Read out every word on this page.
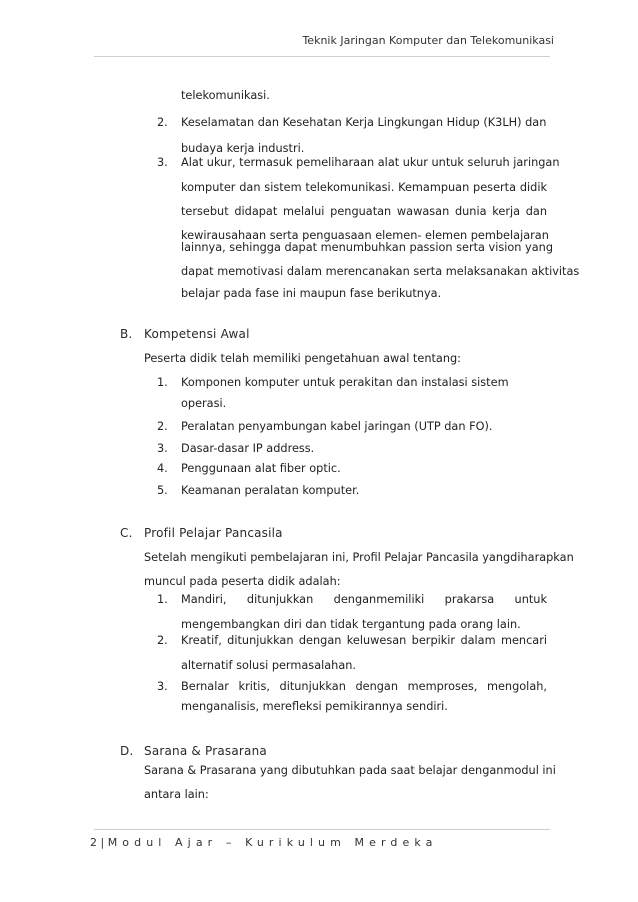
Teknik Jaringan Komputer dan Telekomunikasi
telekomunikasi.
2. Keselamatan dan Kesehatan Kerja Lingkungan Hidup (K3LH) dan
budaya kerja industri.
3. Alat ukur, termasuk pemeliharaan alat ukur untuk seluruh jaringan
komputer dan sistem telekomunikasi. Kemampuan peserta didik
tersebut didapat melalui penguatan wawasan dunia kerja dan
kewirausahaan serta penguasaan elemen- elemen pembelajaran
lainnya, sehingga dapat menumbuhkan passion serta vision yang
dapat memotivasi dalam merencanakan serta melaksanakan aktivitas
belajar pada fase ini maupun fase berikutnya.
B. Kompetensi Awal
Peserta didik telah memiliki pengetahuan awal tentang:
1. Komponen komputer untuk perakitan dan instalasi sistem
operasi.
2. Peralatan penyambungan kabel jaringan (UTP dan FO).
3. Dasar-dasar IP address.
4. Penggunaan alat fiber optic.
5. Keamanan peralatan komputer.
C. Profil Pelajar Pancasila
Setelah mengikuti pembelajaran ini, Profil Pelajar Pancasila yangdiharapkan
muncul pada peserta didik adalah:
1. Mandiri, ditunjukkan denganmemiliki prakarsa untuk
mengembangkan diri dan tidak tergantung pada orang lain.
2. Kreatif, ditunjukkan dengan keluwesan berpikir dalam mencari
alternatif solusi permasalahan.
3. Bernalar kritis, ditunjukkan dengan memproses, mengolah,
menganalisis, merefleksi pemikirannya sendiri.
D. Sarana & Prasarana
Sarana & Prasarana yang dibutuhkan pada saat belajar denganmodul ini
antara lain:
2 | Modul Ajar – Kurikulum Merdeka
